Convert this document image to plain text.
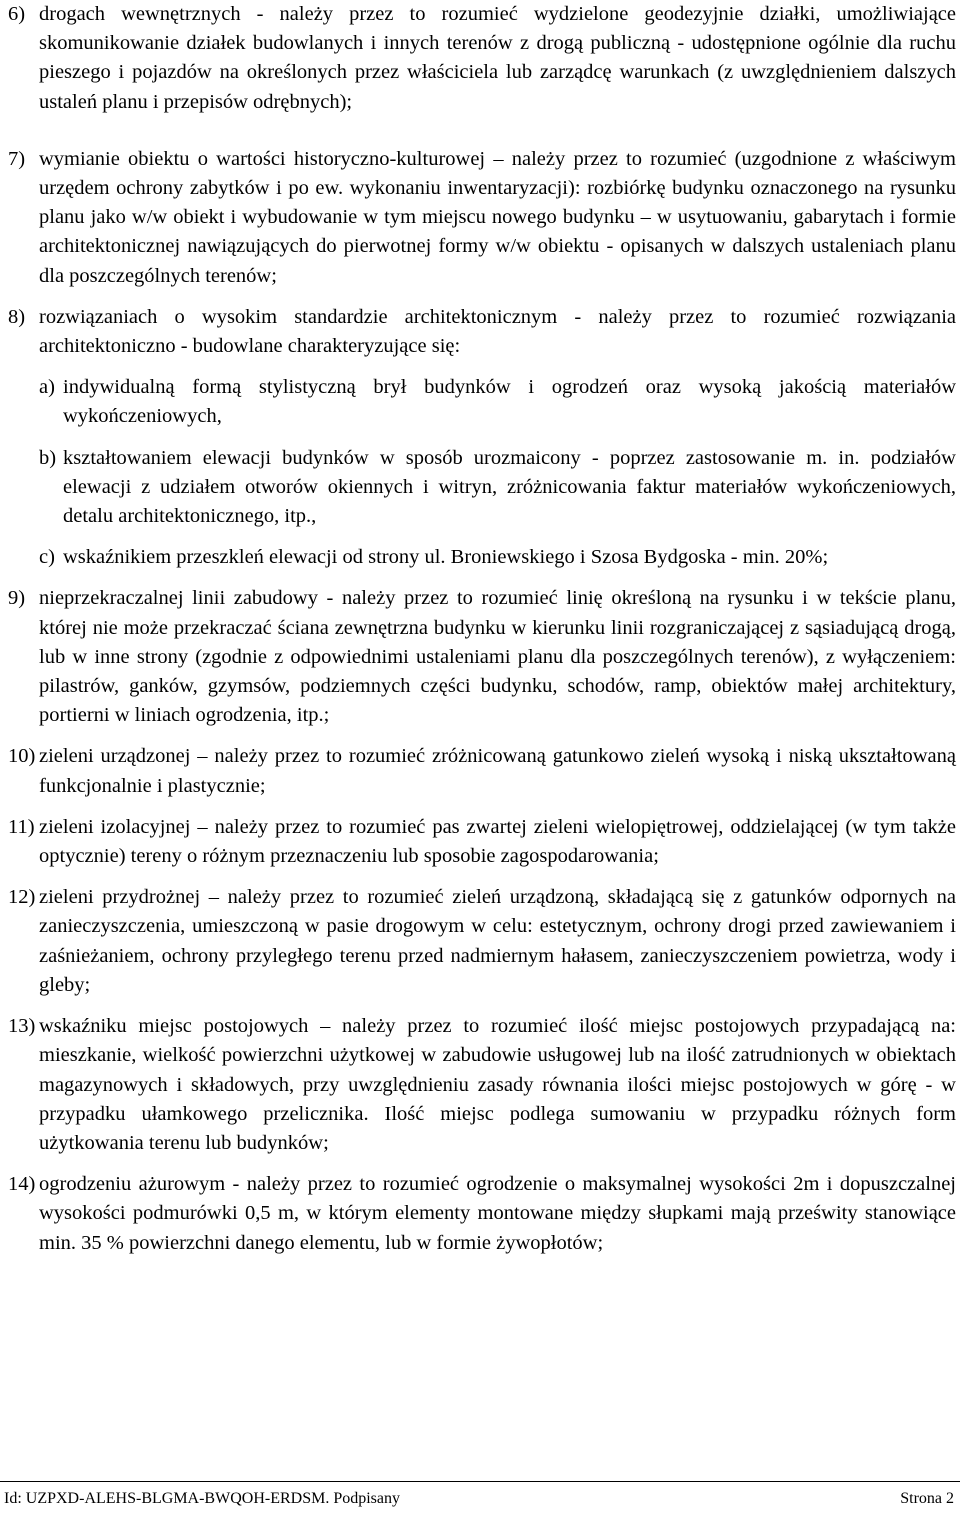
6) drogach wewnętrznych - należy przez to rozumieć wydzielone geodezyjnie działki, umożliwiające skomunikowanie działek budowlanych i innych terenów z drogą publiczną - udostępnione ogólnie dla ruchu pieszego i pojazdów na określonych przez właściciela lub zarządcę warunkach (z uwzględnieniem dalszych ustaleń planu i przepisów odrębnych);
7) wymianie obiektu o wartości historyczno-kulturowej – należy przez to rozumieć (uzgodnione z właściwym urzędem ochrony zabytków i po ew. wykonaniu inwentaryzacji): rozbiórkę budynku oznaczonego na rysunku planu jako w/w obiekt i wybudowanie w tym miejscu nowego budynku – w usytuowaniu, gabarytach i formie architektonicznej nawiązujących do pierwotnej formy w/w obiektu - opisanych w dalszych ustaleniach planu dla poszczególnych terenów;
8) rozwiązaniach o wysokim standardzie architektonicznym - należy przez to rozumieć rozwiązania architektoniczno - budowlane charakteryzujące się:
a) indywidualną formą stylistyczną brył budynków i ogrodzeń oraz wysoką jakością materiałów wykończeniowych,
b) kształtowaniem elewacji budynków w sposób urozmaicony - poprzez zastosowanie m. in. podziałów elewacji z udziałem otworów okiennych i witryn, zróżnicowania faktur materiałów wykończeniowych, detalu architektonicznego, itp.,
c) wskaźnikiem przeszkleń elewacji od strony ul. Broniewskiego i Szosa Bydgoska - min. 20%;
9) nieprzekraczalnej linii zabudowy - należy przez to rozumieć linię określoną na rysunku i w tekście planu, której nie może przekraczać ściana zewnętrzna budynku w kierunku linii rozgraniczającej z sąsiadującą drogą, lub w inne strony (zgodnie z odpowiednimi ustaleniami planu dla poszczególnych terenów), z wyłączeniem: pilastrów, ganków, gzymsów, podziemnych części budynku, schodów, ramp, obiektów małej architektury, portierni w liniach ogrodzenia, itp.;
10) zieleni urządzonej – należy przez to rozumieć zróżnicowaną gatunkowo zieleń wysoką i niską ukształtowaną funkcjonalnie i plastycznie;
11) zieleni izolacyjnej – należy przez to rozumieć pas zwartej zieleni wielopiętrowej, oddzielającej (w tym także optycznie) tereny o różnym przeznaczeniu lub sposobie zagospodarowania;
12) zieleni przydrożnej – należy przez to rozumieć zieleń urządzoną, składającą się z gatunków odpornych na zanieczyszczenia, umieszczoną w pasie drogowym w celu: estetycznym, ochrony drogi przed zawiewaniem i zaśnieżaniem, ochrony przyległego terenu przed nadmiernym hałasem, zanieczyszczeniem powietrza, wody i gleby;
13) wskaźniku miejsc postojowych – należy przez to rozumieć ilość miejsc postojowych przypadającą na: mieszkanie, wielkość powierzchni użytkowej w zabudowie usługowej lub na ilość zatrudnionych w obiektach magazynowych i składowych, przy uwzględnieniu zasady równania ilości miejsc postojowych w górę - w przypadku ułamkowego przelicznika. Ilość miejsc podlega sumowaniu w przypadku różnych form użytkowania terenu lub budynków;
14) ogrodzeniu ażurowym - należy przez to rozumieć ogrodzenie o maksymalnej wysokości 2m i dopuszczalnej wysokości podmurówki 0,5 m, w którym elementy montowane między słupkami mają prześwity stanowiące min. 35 % powierzchni danego elementu, lub w formie żywopłotów;
Id: UZPXD-ALEHS-BLGMA-BWQOH-ERDSM. Podpisany	Strona 2
